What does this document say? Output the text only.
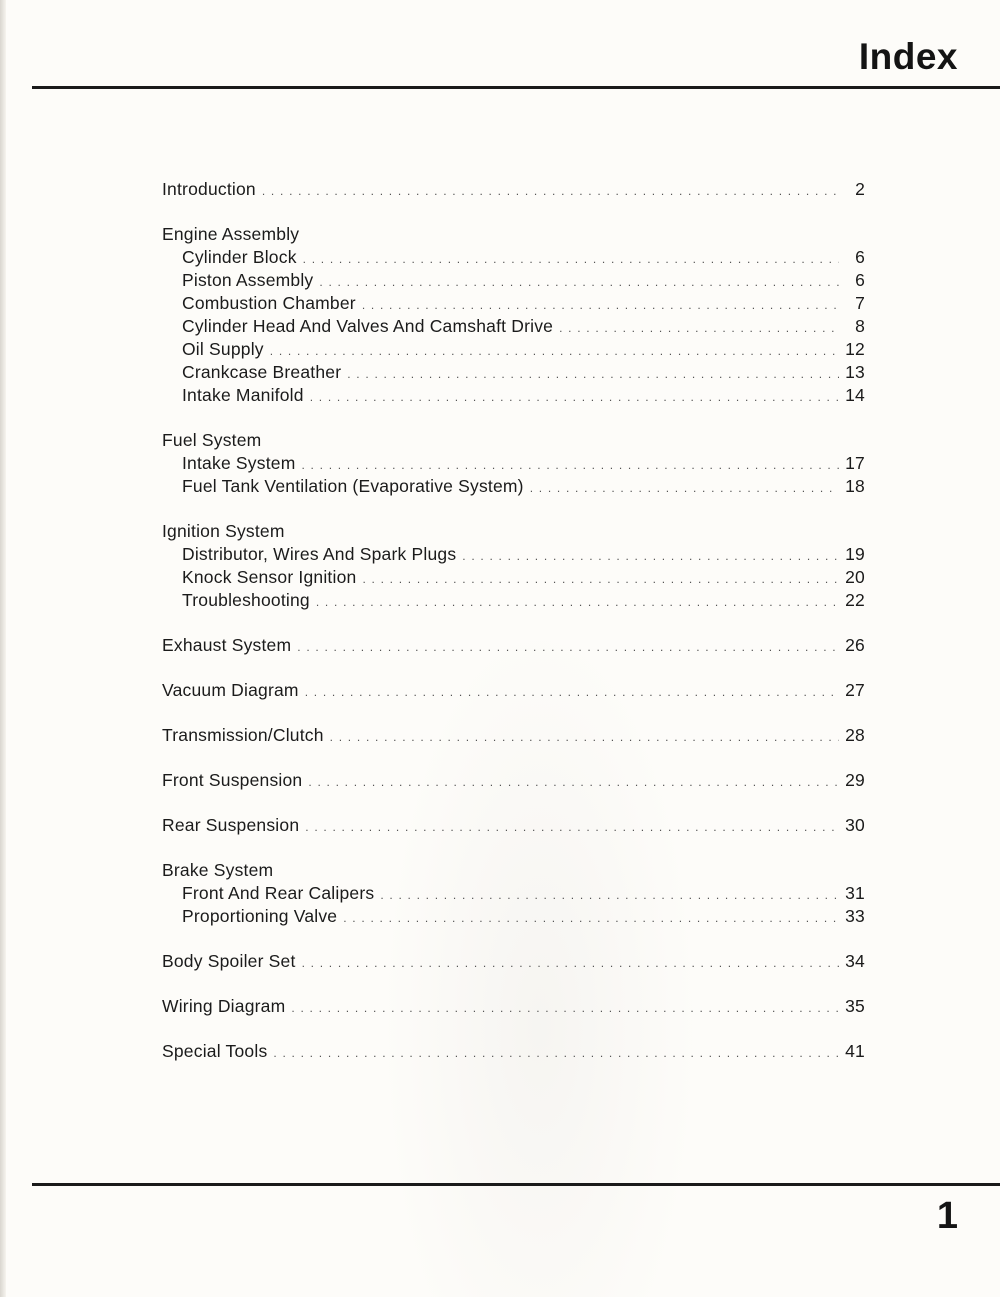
Index
Introduction . . .	2
Engine Assembly
Cylinder Block . . .	6
Piston Assembly . . .	6
Combustion Chamber . . .	7
Cylinder Head And Valves And Camshaft Drive . . .	8
Oil Supply . . .	12
Crankcase Breather . . .	13
Intake Manifold . . .	14
Fuel System
Intake System . . .	17
Fuel Tank Ventilation (Evaporative System) . . .	18
Ignition System
Distributor, Wires And Spark Plugs . . .	19
Knock Sensor Ignition . . .	20
Troubleshooting . . .	22
Exhaust System . . .	26
Vacuum Diagram . . .	27
Transmission/Clutch . . .	28
Front Suspension . . .	29
Rear Suspension . . .	30
Brake System
Front And Rear Calipers . . .	31
Proportioning Valve . . .	33
Body Spoiler Set . . .	34
Wiring Diagram . . .	35
Special Tools . . .	41
1
